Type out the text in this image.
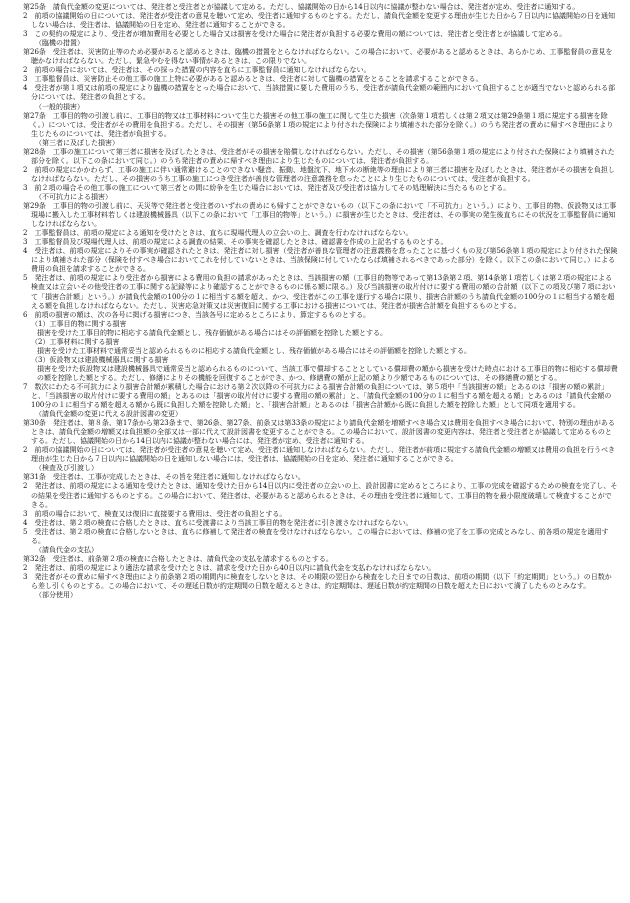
第25条　請負代金額の変更については、発注者と受注者とが協議して定める。ただし、協議開始の日から14日以内に協議が整わない場合は、発注者が定め、受注者に通知する。

2　前項の協議開始の日については、発注者が受注者の意見を聴いて定め、受注者に通知するものとする。ただし、請負代金額を変更する理由が生じた日から７日以内に協議開始の日を通知しない場合は、受注者は、協議開始の日を定め、発注者に通知することができる。

3　この契約の規定により、受注者が増加費用を必要とした場合又は損害を受けた場合に発注者が負担する必要な費用の額については、発注者と受注者とが協議して定める。

（臨機の措置）

第26条　受注者は、災害防止等のため必要があると認めるときは、臨機の措置をとらなければならない。この場合において、必要があると認めるときは、あらかじめ、工事監督員の意見を聴かなければならない。ただし、緊急やむを得ない事情があるときは、この限りでない。

2　前項の場合においては、受注者は、その採った措置の内容を直ちに工事監督員に通知しなければならない。

3　工事監督員は、災害防止その他工事の施工上特に必要があると認めるときは、受注者に対して臨機の措置をとることを請求することができる。

4　受注者が第１項又は前項の規定により臨機の措置をとった場合において、当該措置に要した費用のうち、受注者が請負代金額の範囲内において負担することが適当でないと認められる部分については、発注者の負担とする。

（一般的損害）

第27条　工事目的物の引渡し前に、工事目的物又は工事材料について生じた損害その他工事の施工に関して生じた損害（次条第１項若しくは第２項又は第29条第１項に規定する損害を除く。）については、受注者がその費用を負担する。ただし、その損害（第56条第１項の規定により付された保険により填補された部分を除く。）のうち発注者の責めに帰すべき理由により生じたものについては、発注者が負担する。

（第三者に及ぼした損害）

第28条　工事の施工について第三者に損害を及ぼしたときは、受注者がその損害を賠償しなければならない。ただし、その損害（第56条第１項の規定により付された保険により填補された部分を除く。以下この条において同じ。）のうち発注者の責めに帰すべき理由により生じたものについては、発注者が負担する。

2　前項の規定にかかわらず、工事の施工に伴い通常避けることのできない騒音、振動、地盤沈下、地下水の断絶等の理由により第三者に損害を及ぼしたときは、発注者がその損害を負担しなければならない。ただし、その損害のうち工事の施工につき受注者が善良な管理者の注意義務を怠ったことにより生じたものについては、受注者が負担する。

3　前２項の場合その他工事の施工について第三者との間に紛争を生じた場合においては、発注者及び受注者は協力してその処理解決に当たるものとする。

（不可抗力による損害）

第29条　工事目的物の引渡し前に、天災等で発注者と受注者のいずれの責めにも帰すことができないもの（以下この条において「不可抗力」という。）により、工事目的物、仮設物又は工事現場に搬入した工事材料若しくは建設機械器具（以下この条において「工事目的物等」という。）に損害が生じたときは、受注者は、その事実の発生後直ちにその状況を工事監督員に通知しなければならない。

2　工事監督員は、前項の規定による通知を受けたときは、直ちに現場代理人の立会いの上、調査を行わなければならない。

3　工事監督員及び現場代理人は、前項の規定による調査の結果、その事実を確認したときは、確認書を作成の上記名するものとする。

4　受注者は、前項の規定によりその事実が確認されたときは、発注者に対し損害（受注者が善良な管理者の注意義務を怠ったことに基づくもの及び第56条第１項の規定により付された保険により填補された部分（保険を付すべき場合においてこれを付していないときは、当該保険に付していたならば填補されるべきであった部分）を除く。以下この条において同じ。）による費用の負担を請求することができる。

5　発注者は、前項の規定により受注者から損害による費用の負担の請求があったときは、当該損害の額（工事目的物等であって第13条第２項、第14条第１項若しくは第２項の規定による検査又は立会いその他受注者の工事に関する記録等により確認することができるものに係る額に限る。）及び当該損害の取片付けに要する費用の額の合計額（以下この項及び第７項において「損害合計額」という。）が請負代金額の100分の１に相当する額を超え、かつ、受注者がこの工事を遂行する場合に限り、損害合計額のうち請負代金額の100分の１に相当する額を超える額を負担しなければならない。ただし、災害応急対策又は災害復旧に関する工事における損害については、発注者が損害合計額を負担するものとする。

6　前項の損害の額は、次の各号に掲げる損害につき、当該各号に定めるところにより、算定するものとする。

（1）工事目的物に関する損害

損害を受けた工事目的物に相応する請負代金額とし、残存価値がある場合にはその評価額を控除した額とする。

（2）工事材料に関する損害

損害を受けた工事材料で通常妥当と認められるものに相応する請負代金額とし、残存価値がある場合にはその評価額を控除した額とする。

（3）仮設物又は建設機械器具に関する損害

損害を受けた仮設物又は建設機械器具で通常妥当と認められるものについて、当該工事で償却することとしている償却費の額から損害を受けた時点における工事目的物に相応する償却費の額を控除した額とする。ただし、修繕によりその機能を回復することができ、かつ、修繕費の額が上記の額より少額であるものについては、その修繕費の額とする。

7　数次にわたる不可抗力により損害合計額が累積した場合における第２次以降の不可抗力による損害合計額の負担については、第５項中「当該損害の額」とあるのは「損害の額の累計」と、「当該損害の取片付けに要する費用の額」とあるのは「損害の取片付けに要する費用の額の累計」と、「請負代金額の100分の１に相当する額を超える額」とあるのは「請負代金額の100分の１に相当する額を超える額から既に負担した額を控除した額」と、「損害合計額」とあるのは「損害合計額から既に負担した額を控除した額」として同項を適用する。

（請負代金額の変更に代える設計図書の変更）

第30条　発注者は、第８条、第17条から第23条まで、第26条、第27条、前条又は第33条の規定により請負代金額を増額すべき場合又は費用を負担すべき場合において、特別の理由があるときは、請負代金額の増額又は負担額の全部又は一部に代えて設計図書を変更することができる。この場合において、設計図書の変更内容は、発注者と受注者とが協議して定めるものとする。ただし、協議開始の日から14日以内に協議が整わない場合には、発注者が定め、受注者に通知する。

2　前項の協議開始の日については、発注者が受注者の意見を聴いて定め、受注者に通知しなければならない。ただし、発注者が前項に規定する請負代金額の増額又は費用の負担を行うべき理由が生じた日から７日以内に協議開始の日を通知しない場合には、受注者は、協議開始の日を定め、発注者に通知することができる。

（検査及び引渡し）

第31条　受注者は、工事が完成したときは、その旨を発注者に通知しなければならない。

2　発注者は、前項の規定による通知を受けたときは、通知を受けた日から14日以内に受注者の立会いの上、設計図書に定めるところにより、工事の完成を確認するための検査を完了し、その結果を受注者に通知するものとする。この場合において、発注者は、必要があると認められるときは、その理由を受注者に通知して、工事目的物を最小限度破壊して検査することができる。

3　前項の場合において、検査又は復旧に直接要する費用は、受注者の負担とする。

4　受注者は、第２項の検査に合格したときは、直ちに受渡書により当該工事目的物を発注者に引き渡さなければならない。

5　受注者は、第２項の検査に合格しないときは、直ちに修補して発注者の検査を受けなければならない。この場合においては、修補の完了を工事の完成とみなし、前各項の規定を適用する。

（請負代金の支払）

第32条　受注者は、前条第２項の検査に合格したときは、請負代金の支払を請求するものとする。

2　発注者は、前項の規定により適法な請求を受けたときは、請求を受けた日から40日以内に請負代金を支払わなければならない。

3　発注者がその責めに帰すべき理由により前条第２項の期間内に検査をしないときは、その期限の翌日から検査をした日までの日数は、前項の期間（以下「約定期間」という。）の日数から差し引くものとする。この場合において、その遅延日数が約定期間の日数を超えるときは、約定期間は、遅延日数が約定期間の日数を超えた日において満了したものとみなす。

（部分使用）
